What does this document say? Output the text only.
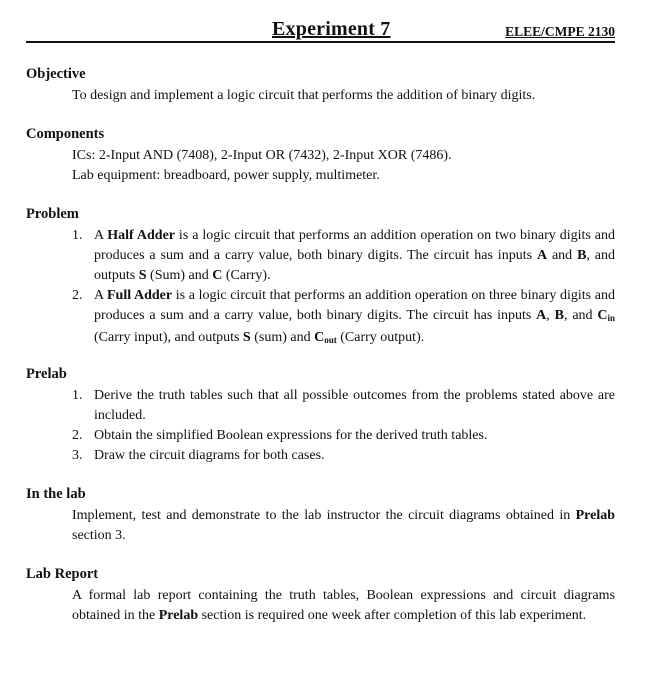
Experiment 7	ELEE/CMPE 2130
Objective
To design and implement a logic circuit that performs the addition of binary digits.
Components
ICs: 2-Input AND (7408), 2-Input OR (7432), 2-Input XOR (7486).
Lab equipment: breadboard, power supply, multimeter.
Problem
1. A Half Adder is a logic circuit that performs an addition operation on two binary digits and produces a sum and a carry value, both binary digits. The circuit has inputs A and B, and outputs S (Sum) and C (Carry).
2. A Full Adder is a logic circuit that performs an addition operation on three binary digits and produces a sum and a carry value, both binary digits. The circuit has inputs A, B, and $C_{in}$ (Carry input), and outputs S (sum) and $C_{out}$ (Carry output).
Prelab
1. Derive the truth tables such that all possible outcomes from the problems stated above are included.
2. Obtain the simplified Boolean expressions for the derived truth tables.
3. Draw the circuit diagrams for both cases.
In the lab
Implement, test and demonstrate to the lab instructor the circuit diagrams obtained in Prelab section 3.
Lab Report
A formal lab report containing the truth tables, Boolean expressions and circuit diagrams obtained in the Prelab section is required one week after completion of this lab experiment.
